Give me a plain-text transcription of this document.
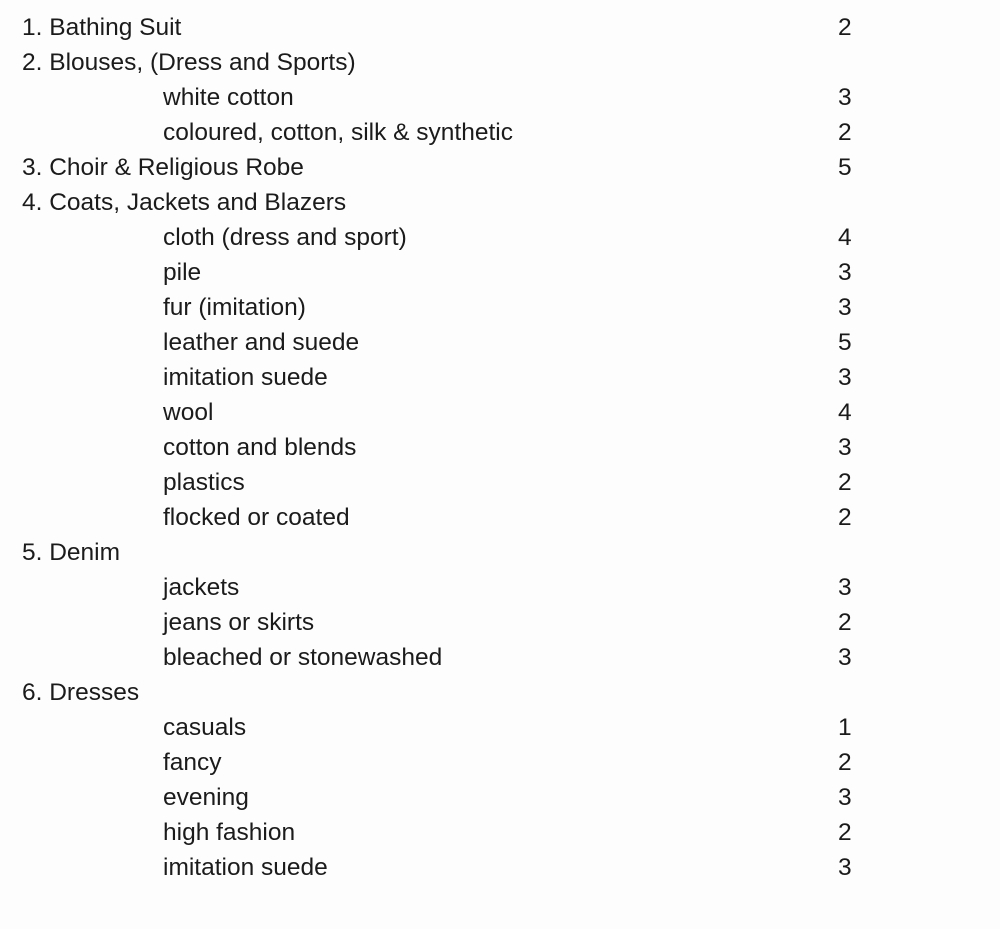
1. Bathing Suit	2
2. Blouses, (Dress and Sports)
white cotton	3
coloured, cotton, silk & synthetic	2
3. Choir & Religious Robe	5
4. Coats, Jackets and Blazers
cloth (dress and sport)	4
pile	3
fur (imitation)	3
leather and suede	5
imitation suede	3
wool	4
cotton and blends	3
plastics	2
flocked or coated	2
5. Denim
jackets	3
jeans or skirts	2
bleached or stonewashed	3
6. Dresses
casuals	1
fancy	2
evening	3
high fashion	2
imitation suede	3
